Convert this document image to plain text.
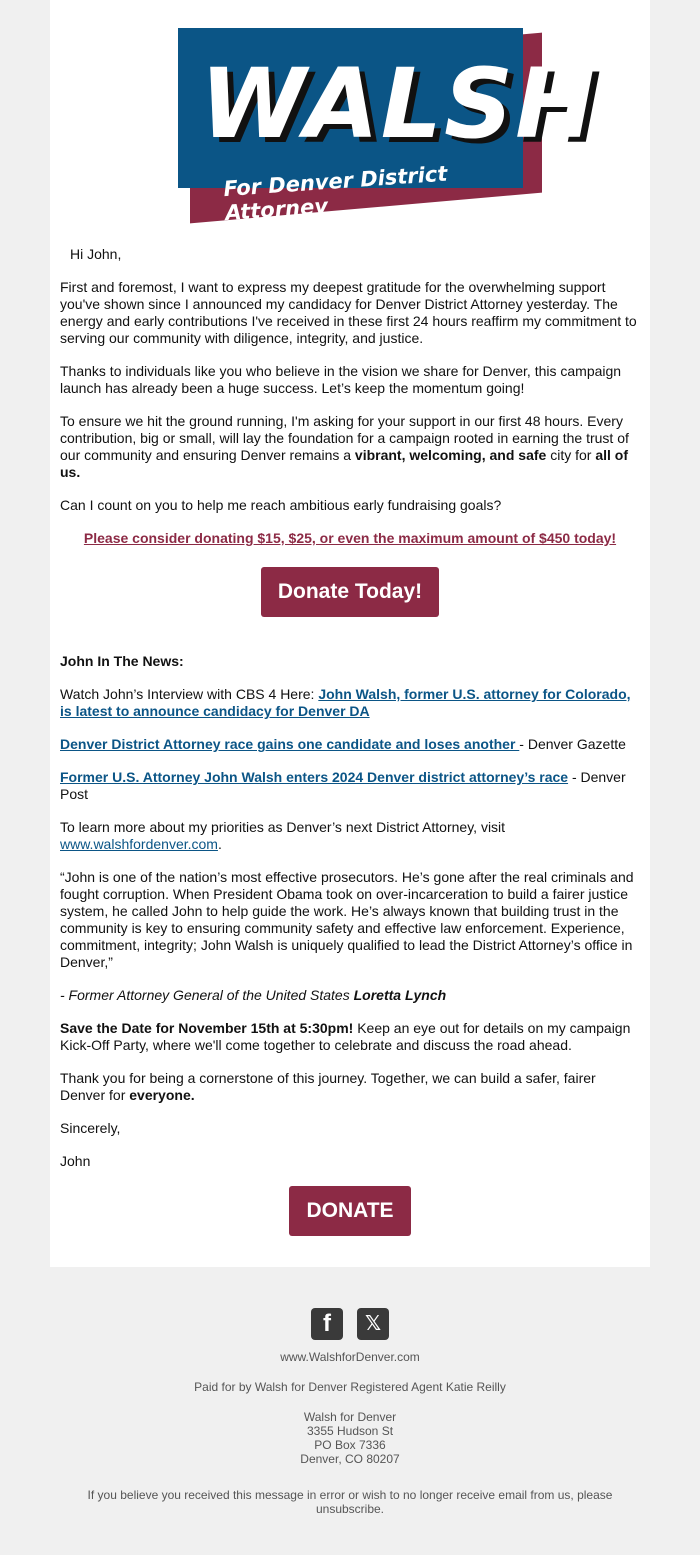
WALSH
For Denver District Attorney

Hi John,

First and foremost, I want to express my deepest gratitude for the overwhelming support you've shown since I announced my candidacy for Denver District Attorney yesterday. The energy and early contributions I've received in these first 24 hours reaffirm my commitment to serving our community with diligence, integrity, and justice.

Thanks to individuals like you who believe in the vision we share for Denver, this campaign launch has already been a huge success. Let’s keep the momentum going!

To ensure we hit the ground running, I'm asking for your support in our first 48 hours. Every contribution, big or small, will lay the foundation for a campaign rooted in earning the trust of our community and ensuring Denver remains a vibrant, welcoming, and safe city for all of us.

Can I count on you to help me reach ambitious early fundraising goals?

Please consider donating $15, $25, or even the maximum amount of $450 today!

Donate Today!

John In The News:

Watch John’s Interview with CBS 4 Here: John Walsh, former U.S. attorney for Colorado, is latest to announce candidacy for Denver DA

Denver District Attorney race gains one candidate and loses another - Denver Gazette

Former U.S. Attorney John Walsh enters 2024 Denver district attorney’s race - Denver Post

To learn more about my priorities as Denver’s next District Attorney, visit www.walshfordenver.com.

“John is one of the nation’s most effective prosecutors. He’s gone after the real criminals and fought corruption. When President Obama took on over-incarceration to build a fairer justice system, he called John to help guide the work. He’s always known that building trust in the community is key to ensuring community safety and effective law enforcement. Experience, commitment, integrity; John Walsh is uniquely qualified to lead the District Attorney’s office in Denver,”

- Former Attorney General of the United States Loretta Lynch

Save the Date for November 15th at 5:30pm! Keep an eye out for details on my campaign Kick-Off Party, where we'll come together to celebrate and discuss the road ahead.

Thank you for being a cornerstone of this journey. Together, we can build a safer, fairer Denver for everyone.

Sincerely,

John

DONATE

f	𝕏

www.WalshforDenver.com

Paid for by Walsh for Denver Registered Agent Katie Reilly

Walsh for Denver

3355 Hudson St

PO Box 7336

Denver, CO 80207

If you believe you received this message in error or wish to no longer receive email from us, please unsubscribe.
